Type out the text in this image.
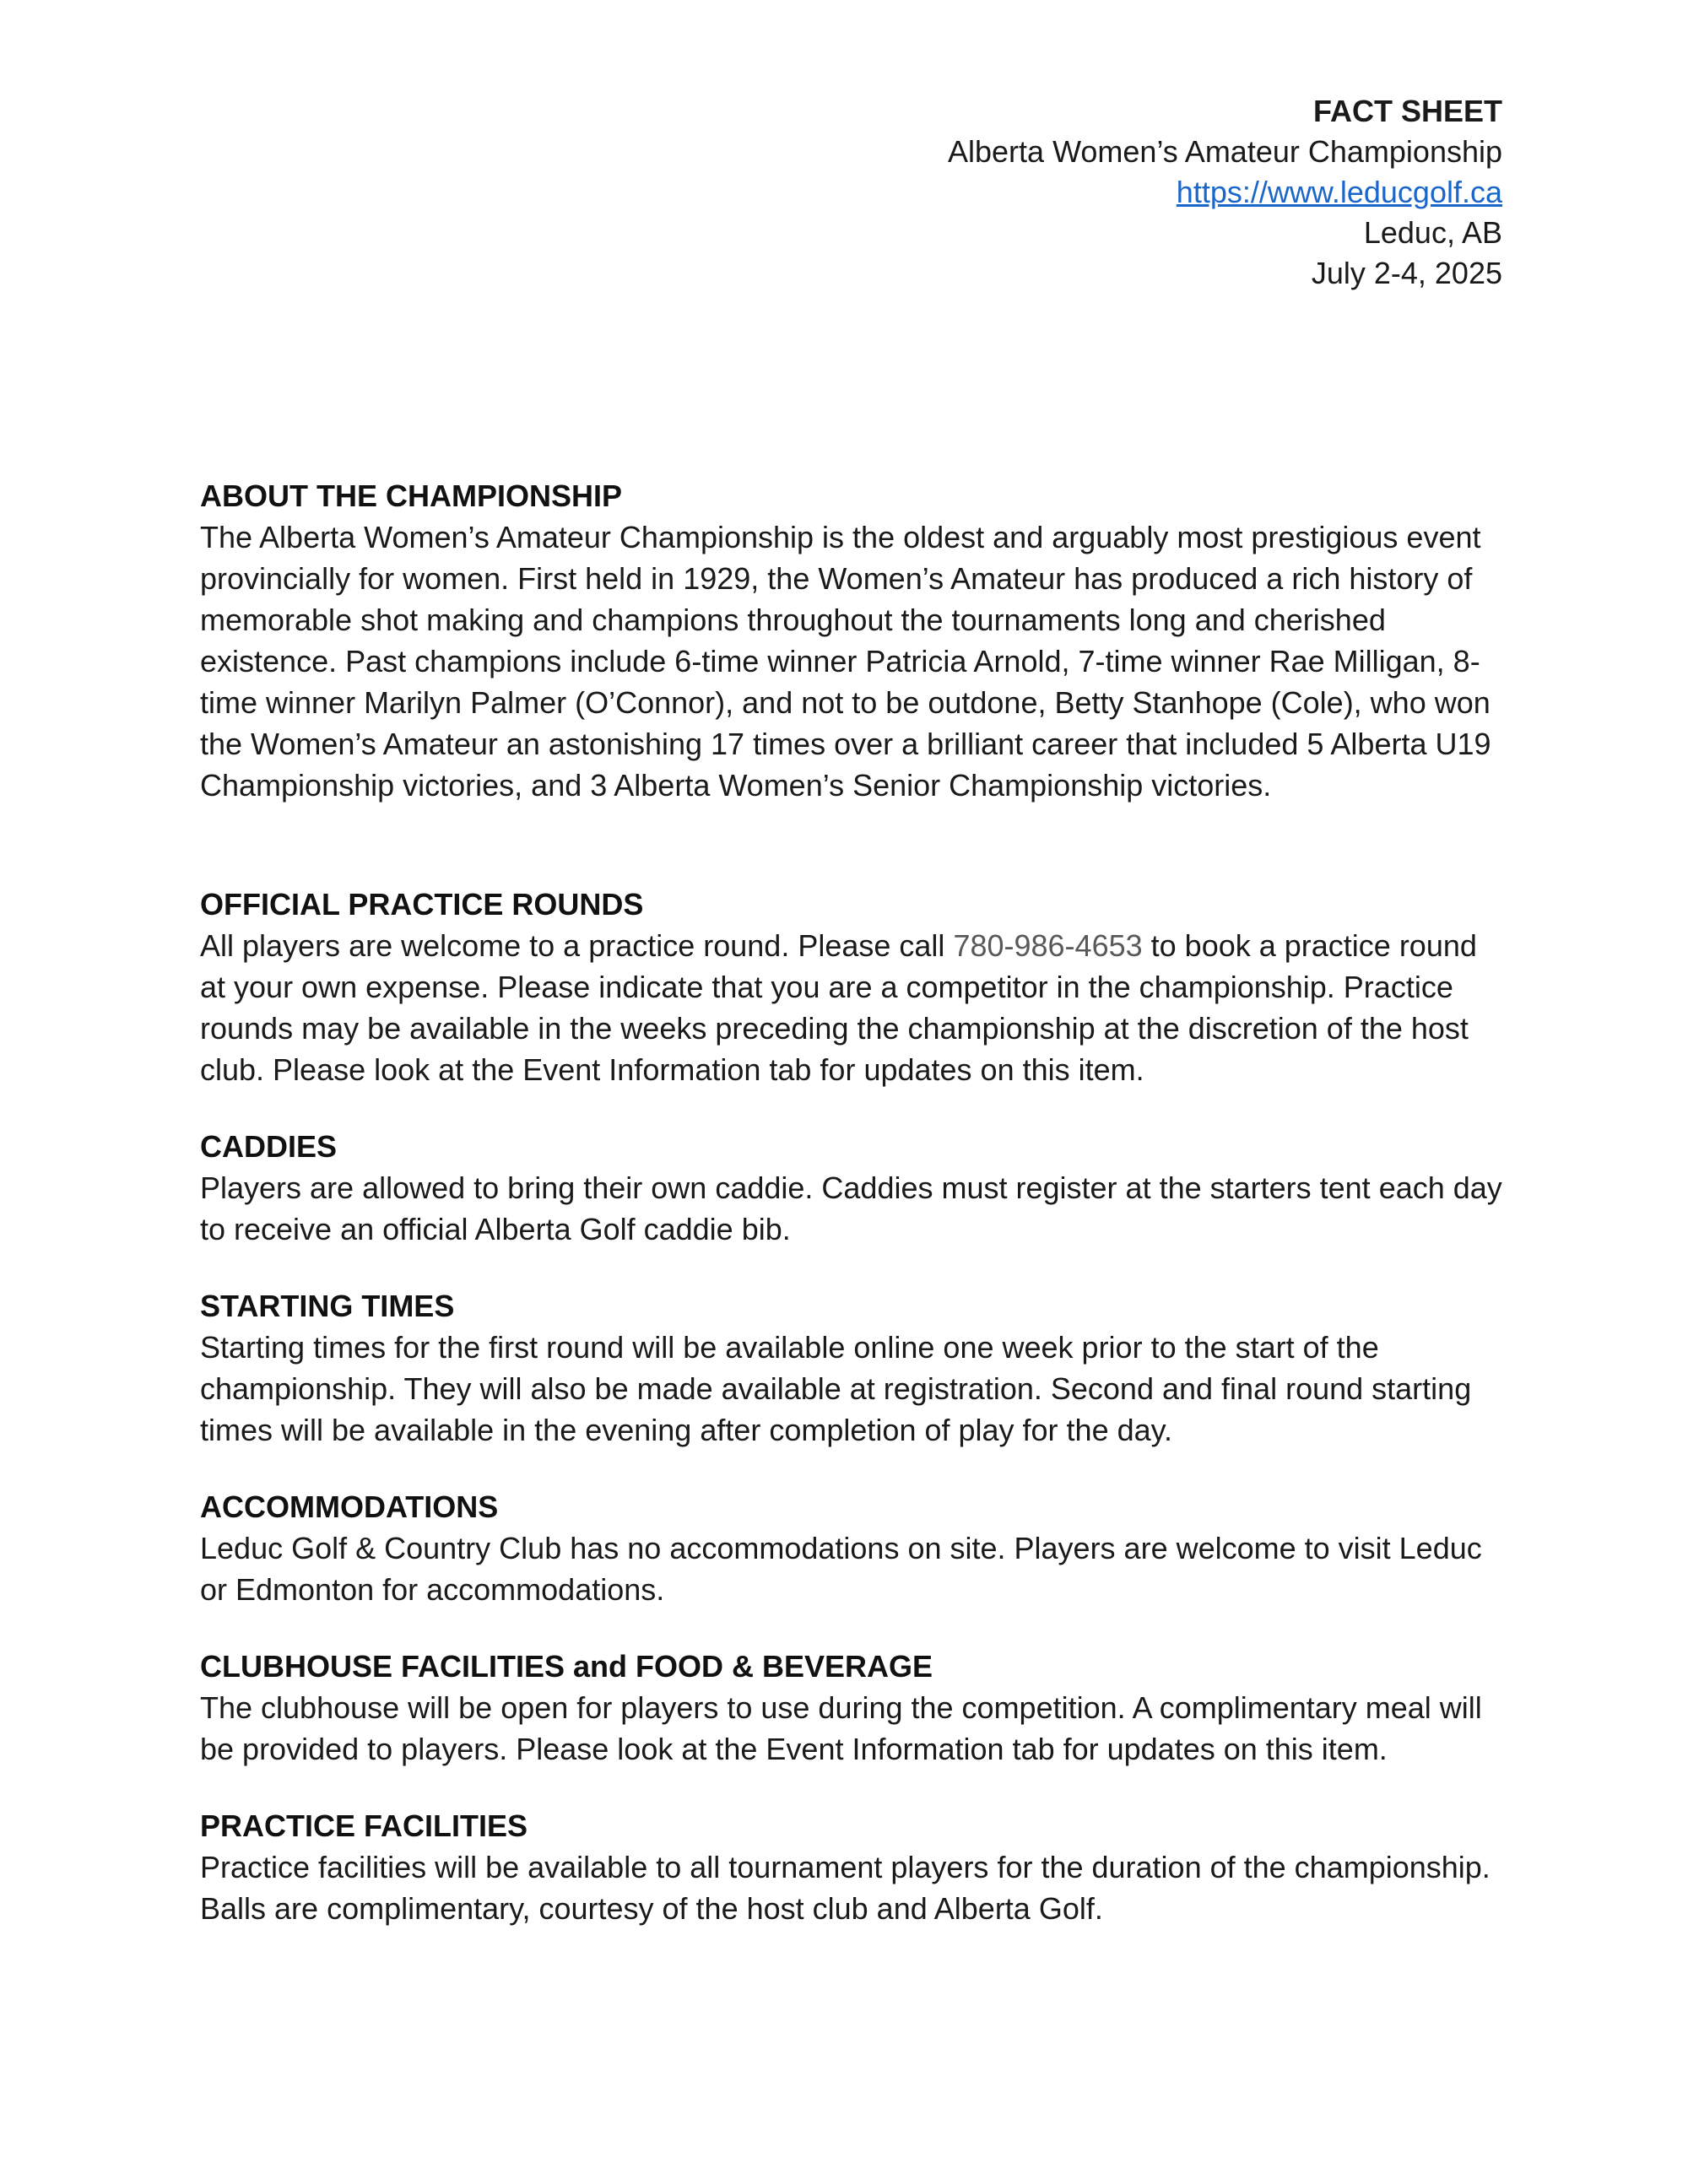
FACT SHEET
Alberta Women’s Amateur Championship
https://www.leducgolf.ca
Leduc, AB
July 2-4, 2025
ABOUT THE CHAMPIONSHIP

The Alberta Women’s Amateur Championship is the oldest and arguably most prestigious event provincially for women. First held in 1929, the Women’s Amateur has produced a rich history of memorable shot making and champions throughout the tournaments long and cherished existence. Past champions include 6-time winner Patricia Arnold, 7-time winner Rae Milligan, 8-time winner Marilyn Palmer (O’Connor), and not to be outdone, Betty Stanhope (Cole), who won the Women’s Amateur an astonishing 17 times over a brilliant career that included 5 Alberta U19 Championship victories, and 3 Alberta Women’s Senior Championship victories.

OFFICIAL PRACTICE ROUNDS

All players are welcome to a practice round. Please call 780-986-4653 to book a practice round at your own expense. Please indicate that you are a competitor in the championship. Practice rounds may be available in the weeks preceding the championship at the discretion of the host club. Please look at the Event Information tab for updates on this item.

CADDIES

Players are allowed to bring their own caddie. Caddies must register at the starters tent each day to receive an official Alberta Golf caddie bib.

STARTING TIMES

Starting times for the first round will be available online one week prior to the start of the championship. They will also be made available at registration. Second and final round starting times will be available in the evening after completion of play for the day.

ACCOMMODATIONS

Leduc Golf & Country Club has no accommodations on site. Players are welcome to visit Leduc or Edmonton for accommodations.

CLUBHOUSE FACILITIES and FOOD & BEVERAGE

The clubhouse will be open for players to use during the competition. A complimentary meal will be provided to players. Please look at the Event Information tab for updates on this item.

PRACTICE FACILITIES

Practice facilities will be available to all tournament players for the duration of the championship. Balls are complimentary, courtesy of the host club and Alberta Golf.
